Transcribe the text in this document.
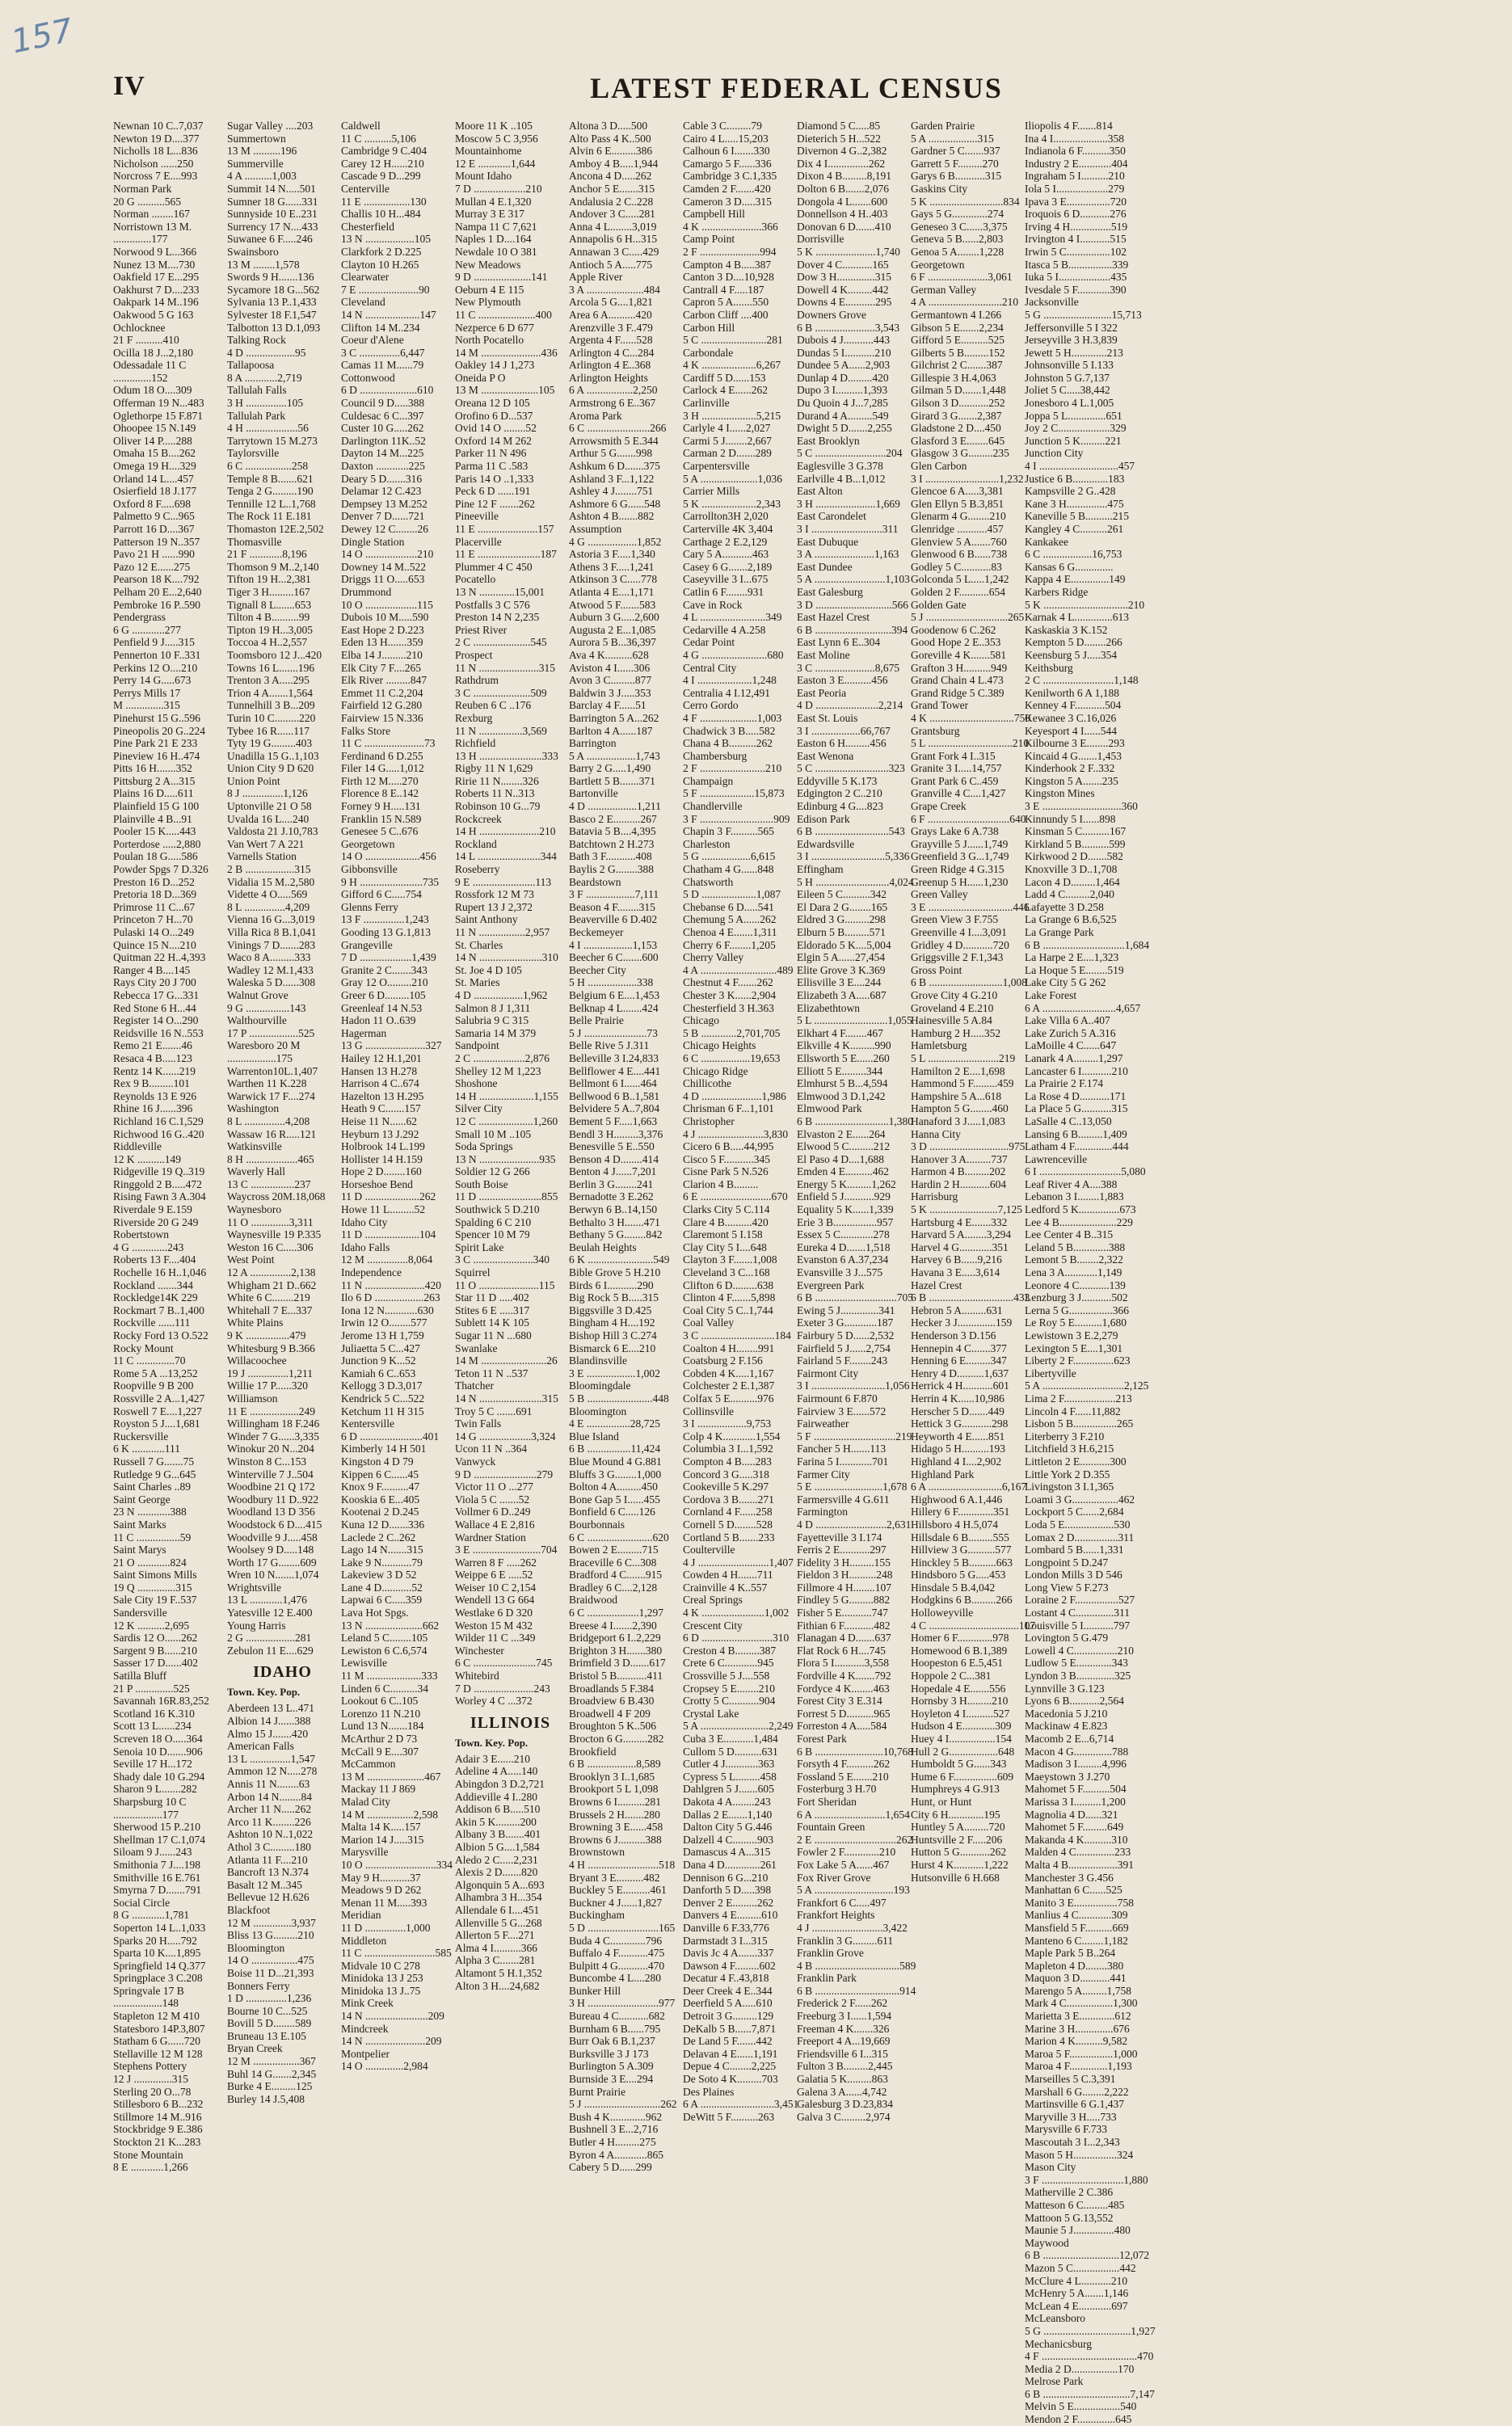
157
IV	LATEST FEDERAL CENSUS
Newnan 10 C..7,037
Newton 19 D....377
Nicholls 18 L...836
Nicholson ......250
Norcross 7 E....993
Norman Park
20 G ..........565
Norman ........167
Norristown 13 M.
..............177
Norwood 9 L...366
Nunez 13 M....730
Oakfield 17 E...295
Oakhurst 7 D....233
Oakpark 14 M..196
Oakwood 5 G 163
Ochlocknee
21 F ..........410
Ocilla 18 J...2,180
Odessadale 11 C
..............152
Odum 18 O....309
Offerman 19 N...483
Oglethorpe 15 F.871
Ohoopee 15 N.149
Oliver 14 P.....288
Omaha 15 B....262
Omega 19 H....329
Orland 14 L....457
Osierfield 18 J.177
Oxford 8 F.....698
Palmetto 9 C...965
Parrott 16 D....367
Patterson 19 N..357
Pavo 21 H ......990
Pazo 12 E......275
Pearson 18 K....792
Pelham 20 E...2,640
Pembroke 16 P..590
Pendergrass
6 G ............277
Penfield 9 J.....315
Pennerton 10 F..331
Perkins 12 O....210
Perry 14 G.....673
Perrys Mills 17
M ..............315
Pinehurst 15 G..596
Pineopolis 20 G..224
Pine Park 21 E 233
Pineview 16 H..474
Pitts 16 H.......352
Pittsburg 2 A...315
Plains 16 D.....611
Plainfield 15 G 100
Plainville 4 B...91
Pooler 15 K.....443
Porterdose .....2,880
Poulan 18 G.....586
Powder Spgs 7 D.326
Preston 16 D...252
Pretoria 18 D...369
Primrose 11 C...67
Princeton 7 H...70
Pulaski 14 O...249
Quince 15 N....210
Quitman 22 H..4,393
Ranger 4 B....145
Rays City 20 J 700
Rebecca 17 G...331
Red Stone 6 H...44
Register 14 O...290
Reidsville 16 N..553
Remo 21 E.......46
Resaca 4 B.....123
Rentz 14 K......219
Rex 9 B.........101
Reynolds 13 E 926
Rhine 16 J......396
Richland 16 C.1,529
Richwood 16 G..420
Riddleville
12 K ..........149
Ridgeville 19 Q..319
Ringgold 2 B.....472
Rising Fawn 3 A.304
Riverdale 9 E.159
Riverside 20 G 249
Robertstown
4 G .............243
Roberts 13 F....404
Rochelle 16 H..1,046
Rockland .......344
Rockledge14K 229
Rockmart 7 B..1,400
Rockville ......111
Rocky Ford 13 O.522
Rocky Mount
11 C ..............70
Rome 5 A ...13,252
Roopville 9 B 200
Rossville 2 A...1,427
Roswell 7 E....1,227
Royston 5 J....1,681
Ruckersville
6 K ............111
Russell 7 G.......75
Rutledge 9 G...645
Saint Charles ..89
Saint George
23 N ............388
Saint Marks
11 C ................59
Saint Marys
21 O ............824
Saint Simons Mills
19 Q ..............315
Sale City 19 F..537
Sandersville
12 K ..........2,695
Sardis 12 O......262
Sargent 9 B......210
Sasser 17 D......402
Satilla Bluff
21 P ..............525
Savannah 16R.83,252
Scotland 16 K.310
Scott 13 L......234
Screven 18 O.....364
Senoia 10 D.......906
Seville 17 H...172
Shady dale 10 G.294
Sharon 9 L.......282
Sharpsburg 10 C
..................177
Sherwood 15 P..210
Shellman 17 C.1,074
Siloam 9 J......243
Smithonia 7 J....198
Smithville 16 E.761
Smyrna 7 D.......791
Social Circle
8 G ............1,781
Soperton 14 L..1,033
Sparks 20 H.....792
Sparta 10 K....1,895
Springfield 14 Q.377
Springplace 3 C.208
Springvale 17 B
..................148
Stapleton 12 M 410
Statesboro 14P.3,807
Statham 6 G......720
Stellaville 12 M 128
Stephens Pottery
12 J ..............315
Sterling 20 O...78
Stillesboro 6 B...232
Stillmore 14 M..916
Stockbridge 9 E.386
Stockton 21 K...283
Stone Mountain
8 E ............1,266
Sugar Valley ....203
Summertown
13 M ..........196
Summerville
4 A ..........1,003
Summit 14 N.....501
Sumner 18 G......331
Sunnyside 10 E..231
Surrency 17 N....433
Suwanee 6 F.....246
Swainsboro
13 M ........1,578
Swords 9 H.......136
Sycamore 18 G...562
Sylvania 13 P..1,433
Sylvester 18 F.1,547
Talbotton 13 D.1,093
Talking Rock
4 D ..................95
Tallapoosa
8 A ............2,719
Tallulah Falls
3 H ...............105
Tallulah Park
4 H ...................56
Tarrytown 15 M.273
Taylorsville
6 C .................258
Temple 8 B.......621
Tenga 2 G.........190
Tennille 12 L..1,768
The Rock 11 E.181
Thomaston 12E.2,502
Thomasville
21 F ............8,196
Thomson 9 M..2,140
Tifton 19 H...2,381
Tiger 3 H.........167
Tignall 8 L.......653
Tilton 4 B..........99
Tipton 19 H...3,005
Toccoa 4 H..2,557
Toomsboro 12 J...420
Towns 16 L.......196
Trenton 3 A.....295
Trion 4 A.......1,564
Tunnelhill 3 B...209
Turin 10 C.........220
Tybee 16 R......117
Tyty 19 G.........403
Unadilla 15 G..1,103
Union City 9 D 620
Union Point
8 J ...............1,126
Uptonville 21 O 58
Uvalda 16 L....240
Valdosta 21 J.10,783
Van Wert 7 A 221
Varnells Station
2 B ..................315
Vidalia 15 M..2,580
Vidette 4 O.....569
8 L ...............4,209
Vienna 16 G...3,019
Villa Rica 8 B.1,041
Vinings 7 D.......283
Waco 8 A.........333
Wadley 12 M.1,433
Waleska 5 D......308
Walnut Grove
9 G ................143
Walthourville
17 P ..................525
Waresboro 20 M
..................175
Warrenton10L.1,407
Warthen 11 K.228
Warwick 17 F....274
Washington
8 L ...............4,208
Wassaw 16 R.....121
Watkinsville
8 H ...................465
Waverly Hall
13 C ................237
Waycross 20M.18,068
Waynesboro
11 O ..............3,311
Waynesville 19 P.335
Weston 16 C.....306
West Point
12 A ...............2,138
Whigham 21 D..662
White 6 C........219
Whitehall 7 E...337
White Plains
9 K ................479
Whitesburg 9 B.366
Willacoochee
19 J ...............1,211
Willie 17 P......320
Williamson
11 E ..................249
Willingham 18 F.246
Winder 7 G......3,335
Winokur 20 N...204
Winston 8 C...153
Winterville 7 J..504
Woodbine 21 Q 172
Woodbury 11 D..922
Woodland 13 D 356
Woodstock 6 D....415
Woodville 9 J.....458
Woolsey 9 D.....148
Worth 17 G........609
Wren 10 N.......1,074
Wrightsville
13 L ............1,476
Yatesville 12 E.400
Young Harris
2 G ..................281
Zebulon 11 E....629
IDAHO
Town. Key. Pop.
Aberdeen 13 L..471
Albion 14 J......388
Almo 15 J.......420
American Falls
13 L ...............1,547
Ammon 12 N.....278
Annis 11 N........63
Arbon 14 N........84
Archer 11 N.....262
Arco 11 K........226
Ashton 10 N..1,022
Athol 3 C.........180
Atlanta 11 F....210
Bancroft 13 N.374
Basalt 12 M..345
Bellevue 12 H.626
Blackfoot
12 M ..............3,937
Bliss 13 G.........210
Bloomington
14 O .................475
Boise 11 D...21,393
Bonners Ferry
1 D ...............1,236
Bourne 10 C...525
Bovill 5 D........589
Bruneau 13 E.105
Bryan Creek
12 M .................367
Buhl 14 G.......2,345
Burke 4 E.........125
Burley 14 J.5,408
Caldwell
11 C ..........5,106
Cambridge 9 C.404
Carey 12 H......210
Cascade 9 D...299
Centerville
11 E .................130
Challis 10 H...484
Chesterfield
13 N ..................105
Clarkfork 2 D.225
Clayton 10 H.265
Clearwater
7 E ......................90
Cleveland
14 N ....................147
Clifton 14 M..234
Coeur d'Alene
3 C ...............6,447
Camas 11 M......79
Cottonwood
6 D .....................610
Council 9 D.....388
Culdesac 6 C...397
Custer 10 G.....262
Darlington 11K..52
Dayton 14 M...225
Daxton ............225
Deary 5 D.......316
Delamar 12 C.423
Dempsey 13 M.252
Denver 7 D......721
Dewey 12 C........26
Dingle Station
14 O ...................210
Downey 14 M..522
Driggs 11 O.....653
Drummond
10 O ...................115
Dubois 10 M.....590
East Hope 2 D.223
Eden 13 H.......359
Elba 14 J.........210
Elk City 7 F....265
Elk River .........847
Emmet 11 C.2,204
Fairfield 12 G.280
Fairview 15 N.336
Falks Store
11 C ......................73
Ferdinand 6 D.255
Filer 14 G.....1,012
Firth 12 M.....270
Florence 8 E..142
Forney 9 H.....131
Franklin 15 N.589
Genesee 5 C..676
Georgetown
14 O ....................456
Gibbonsville
9 H .......................735
Gifford 6 C.....754
Glenns Ferry
13 F ...............1,243
Gooding 13 G.1,813
Grangeville
7 D ...................1,439
Granite 2 C.......343
Gray 12 O.........210
Greer 6 D.........105
Greenleaf 14 N.53
Hadon 11 O..639
Hagerman
13 G ......................327
Hailey 12 H.1,201
Hansen 13 H.278
Harrison 4 C..674
Hazelton 13 H.295
Heath 9 C.......157
Heise 11 N......62
Heyburn 13 J.292
Holbrook 14 L.199
Hollister 14 H.159
Hope 2 D........160
Horseshoe Bend
11 D ....................262
Howe 11 L.........52
Idaho City
11 D ....................104
Idaho Falls
12 M ...............8,064
Independence
11 N ......................420
Ilo 6 D ..................263
Iona 12 N............630
Irwin 12 O........577
Jerome 13 H 1,759
Juliaetta 5 C...427
Junction 9 K...52
Kamiah 6 C..653
Kellogg 3 D.3,017
Kendrick 5 C...522
Ketchum 11 H 315
Kentersville
6 D .......................401
Kimberly 14 H 501
Kingston 4 D 79
Kippen 6 C......45
Knox 9 F..........47
Kooskia 6 E...405
Kootenai 2 D.245
Kuna 12 D.......336
Laclede 2 C..262
Lago 14 N.......315
Lake 9 N...........79
Lakeview 3 D 52
Lane 4 D...........52
Lapwai 6 C.....359
Lava Hot Spgs.
13 N .....................662
Leland 5 C........105
Lewiston 6 C.6,574
Lewisville
11 M ....................333
Linden 6 C..........34
Lookout 6 C..105
Lorenzo 11 N.210
Lund 13 N.......184
McArthur 2 D 73
McCall 9 E....307
McCammon
13 M .....................467
Mackay 11 J 869
Malad City
14 M .................2,598
Malta 14 K.....157
Marion 14 J.....315
Marysville
10 O ..........................334
May 9 H...........37
Meadows 9 D 262
Menan 11 M.....393
Meridian
11 D ...............1,000
Middleton
11 C ..........................585
Midvale 10 C 278
Minidoka 13 J 253
Minidoka 13 J..75
Mink Creek
14 N .......................209
Mindcreek
14 N ......................209
Montpelier
14 O ..............2,984
Moore 11 K ..105
Moscow 5 C 3,956
Mountainhome
12 E ............1,644
Mount Idaho
7 D ...................210
Mullan 4 E.1,320
Murray 3 E 317
Nampa 11 C 7,621
Naples 1 D....164
Newdale 10 O 381
New Meadows
9 D .....................141
Oeburn 4 E 115
New Plymouth
11 C .....................400
Nezperce 6 D 677
North Pocatello
14 M ......................436
Oakley 14 J 1,273
Oneida P O
13 M .....................105
Oreana 12 D 105
Orofino 6 D...537
Ovid 14 O ........52
Oxford 14 M 262
Parker 11 N 496
Parma 11 C .583
Paris 14 O ..1,333
Peck 6 D ......191
Pine 12 F .......262
Pineeville
11 E ......................157
Placerville
11 E .......................187
Plummer 4 C 450
Pocatello
13 N .............15,001
Postfalls 3 C 576
Preston 14 N 2,235
Priest River
2 C .....................545
Prospect
11 N ......................315
Rathdrum
3 C .....................509
Reuben 6 C ..176
Rexburg
11 N ................3,569
Richfield
13 H .......................333
Rigby 11 N 1,629
Ririe 11 N........326
Roberts 11 N..313
Robinson 10 G...79
Rockcreek
14 H ......................210
Rockland
14 L .......................344
Roseberry
9 E .......................113
Rossfork 12 M 73
Rupert 13 J 2,372
Saint Anthony
11 N .................2,957
St. Charles
14 N .......................310
St. Joe 4 D 105
St. Maries
4 D ..................1,962
Salmon 8 J 1,311
Salubria 9 C 315
Samaria 14 M 379
Sandpoint
2 C ...................2,876
Shelley 12 M 1,223
Shoshone
14 H ....................1,155
Silver City
12 C ....................1,260
Small 10 M ..105
Soda Springs
13 N ......................935
Soldier 12 G 266
South Boise
11 D .......................855
Southwick 5 D.210
Spalding 6 C 210
Spencer 10 M 79
Spirit Lake
3 C ......................340
Squirrel
11 O ......................115
Star 11 D .....402
Stites 6 E .....317
Sublett 14 K 105
Sugar 11 N ...680
Swanlake
14 M ........................26
Teton 11 N ..537
Thatcher
14 N .......................315
Troy 5 C .......691
Twin Falls
14 G ...................3,324
Ucon 11 N ..364
Vanwyck
9 D .......................279
Victor 11 O ...277
Viola 5 C .......52
Vollmer 6 D..249
Wallace 4 E 2,816
Wardner Station
3 E .........................704
Warren 8 F .....262
Weippe 6 E .....52
Weiser 10 C 2,154
Wendell 13 G 664
Westlake 6 D 320
Weston 15 M 432
Wilder 11 C ...349
Winchester
6 C .......................745
Whitebird
7 D ......................243
Worley 4 C ...372
ILLINOIS
Town. Key. Pop.
Adair 3 E......210
Adeline 4 A.....140
Abingdon 3 D.2,721
Addieville 4 I..280
Addison 6 B.....510
Akin 5 K.........200
Albany 3 B.......401
Albion 5 G....1,584
Aledo 2 C.....2,231
Alexis 2 D.......820
Algonquin 5 A...693
Alhambra 3 H...354
Allendale 6 I....451
Allenville 5 G...268
Allerton 5 F....271
Alma 4 I..........366
Alpha 3 C.......281
Altamont 5 H.1,352
Alton 3 H....24,682
Altona 3 D.....500
Alto Pass 4 K..500
Alvin 6 E.........386
Amboy 4 B.....1,944
Ancona 4 D.....262
Anchor 5 E.......315
Andalusia 2 C..228
Andover 3 C.....281
Anna 4 L........3,019
Annapolis 6 H...315
Annawan 3 C.....429
Antioch 5 A.....775
Apple River
3 A .....................484
Arcola 5 G....1,821
Area 6 A..........420
Arenzville 3 F..479
Argenta 4 F......528
Arlington 4 C...284
Arlington 4 E..368
Arlington Heights
6 A .................2,250
Armstrong 6 E..367
Aroma Park
6 C .......................266
Arrowsmith 5 E.344
Arthur 5 G.......998
Ashkum 6 D.......375
Ashland 3 F...1,122
Ashley 4 J........751
Ashmore 6 G......548
Ashton 4 B.......882
Assumption
4 G ..................1,852
Astoria 3 F.....1,340
Athens 3 F.....1,241
Atkinson 3 C.....778
Atlanta 4 E....1,171
Atwood 5 F.......583
Auburn 3 G.....2,600
Augusta 2 E...1,085
Aurora 5 B...36,397
Ava 4 K..........628
Aviston 4 I......306
Avon 3 C.........877
Baldwin 3 J.....353
Barclay 4 F......51
Barrington 5 A...262
Barlton 4 A......187
Barrington
5 A ..................1,743
Barry 2 G.....1,490
Bartlett 5 B.......371
Bartonville
4 D ..................1,211
Basco 2 E..........267
Batavia 5 B....4,395
Batchtown 2 H.273
Bath 3 F...........408
Baylis 2 G........388
Beardstown
3 F ..................7,111
Beason 4 F........315
Beaverville 6 D.402
Beckemeyer
4 I ..................1,153
Beecher 6 C.......600
Beecher City
5 H ..................338
Belgium 6 E....1,453
Belknap 4 L.......424
Belle Prairie
5 J .......................73
Belle Rive 5 J.311
Belleville 3 I.24,833
Bellflower 4 E....441
Bellmont 6 I......464
Bellwood 6 B..1,581
Belvidere 5 A..7,804
Bement 5 F.....1,663
Bendl 3 H.........3,376
Benesville 5 E..550
Benson 4 D........414
Benton 4 J......7,201
Berlin 3 G........241
Bernadotte 3 E.262
Berwyn 6 B..14,150
Bethalto 3 H.......471
Bethany 5 G........842
Beulah Heights
6 K ........................549
Bible Grove 5 H.210
Birds 6 I...........290
Big Rock 5 B.....315
Biggsville 3 D.425
Bingham 4 H....192
Bishop Hill 3 C.274
Bismarck 6 E....210
Blandinsville
3 E ..................1,002
Bloomingdale
5 B ........................448
Bloomington
4 E ................28,725
Blue Island
6 B ................11,424
Blue Mound 4 G.881
Bluffs 3 G........1,000
Bolton 4 A.........450
Bone Gap 5 I......455
Bonfield 6 C.....126
Bourbonnais
6 C ........................620
Bowen 2 E.........715
Braceville 6 C...308
Bradford 4 C.......915
Bradley 6 C....2,128
Braidwood
6 C ...................1,297
Breese 4 I.......2,390
Bridgeport 6 I..2,229
Brighton 3 H.......380
Brimfield 3 D.......617
Bristol 5 B...........411
Broadlands 5 F.384
Broadview 6 B.430
Broadwell 4 F 209
Broughton 5 K..506
Brocton 6 G.........282
Brookfield
6 B ..................8,589
Brooklyn 3 I..1,685
Brookport 5 L 1,098
Browns 6 I..........281
Brussels 2 H.......280
Browning 3 E......458
Browns 6 J..........388
Brownstown
4 H ..........................518
Bryant 3 E..........482
Buckley 5 E..........461
Buckner 4 J......1,827
Buckingham
5 D ..........................165
Buda 4 C.............796
Buffalo 4 F...........475
Bulpitt 4 G...........470
Buncombe 4 L....280
Bunker Hill
3 H ..........................977
Bureau 4 C...........682
Burnham 6 B......795
Burr Oak 6 B.1,237
Burksville 3 J 173
Burlington 5 A.309
Burnside 3 E....294
Burnt Prairie
5 J ............................262
Bush 4 K.............962
Bushnell 3 E...2,716
Butler 4 H.........275
Byron 4 A............865
Cabery 5 D......299
Cable 3 C.........79
Cairo 4 L.....15,203
Calhoun 6 I.......330
Camargo 5 F......336
Cambridge 3 C.1,335
Camden 2 F.......420
Cameron 3 D.....315
Campbell Hill
4 K ......................366
Camp Point
2 F ......................994
Campton 4 B.....387
Canton 3 D....10,928
Cantrall 4 F.....187
Capron 5 A.......550
Carbon Cliff ....400
Carbon Hill
5 C ........................281
Carbondale
4 K ....................6,267
Cardiff 5 D......153
Carlock 4 E......262
Carlinville
3 H ....................5,215
Carlyle 4 I......2,027
Carmi 5 J........2,667
Carman 2 D.......289
Carpentersville
5 A .....................1,036
Carrier Mills
5 K ....................2,343
Carrollton3H 2,020
Carterville 4K 3,404
Carthage 2 E.2,129
Cary 5 A...........463
Casey 6 G.......2,189
Caseyville 3 I...675
Catlin 6 F........931
Cave in Rock
4 L ........................349
Cedarville 4 A.258
Cedar Point
4 G ........................680
Central City
4 I ....................1,248
Centralia 4 I.12,491
Cerro Gordo
4 F .....................1,003
Chadwick 3 B.....582
Chana 4 B..........262
Chambersburg
2 F ........................210
Champaign
5 F ....................15,873
Chandlerville
3 F ...........................909
Chapin 3 F..........565
Charleston
5 G ..................6,615
Chatham 4 G......848
Chatsworth
5 D ....................1,087
Chebanse 6 D.....541
Chemung 5 A......262
Chenoa 4 E.......1,311
Cherry 6 F........1,205
Cherry Valley
4 A ............................489
Chestnut 4 F.......262
Chester 3 K......2,904
Chesterfield 3 H.363
Chicago
5 B .............2,701,705
Chicago Heights
6 C ..................19,653
Chicago Ridge
Chillicothe
4 D ......................1,986
Chrisman 6 F...1,101
Christopher
4 J ........................3,830
Cicero 6 B.....44,995
Cisco 5 F...........345
Cisne Park 5 N.526
Clarion 4 B.........
6 E ..........................670
Clarks City 5 C.114
Clare 4 B..........420
Claremont 5 I.158
Clay City 5 I....648
Clayton 3 F.......1,008
Cleveland 3 C...168
Clifton 6 D.........638
Clinton 4 F.......5,898
Coal City 5 C..1,744
Coal Valley
3 C ...........................184
Coalton 4 H........991
Coatsburg 2 F.156
Cobden 4 K.....1,167
Colchester 2 E.1,387
Colfax 5 E..........976
Collinsville
3 I ..................9,753
Colp 4 K............1,554
Columbia 3 I...1,592
Compton 4 B.....283
Concord 3 G.....318
Cookeville 5 K.297
Cordova 3 B.......271
Cornland 4 F......258
Cornell 5 D........528
Cortland 5 B.......233
Coulterville
4 J ..........................1,407
Cowden 4 H.......711
Crainville 4 K..557
Creal Springs
4 K .......................1,002
Crescent City
6 D ..........................310
Creston 4 B.........387
Crete 6 C............945
Crossville 5 J....558
Cropsey 5 E........210
Crotty 5 C...........904
Crystal Lake
5 A .........................2,249
Cuba 3 E...........1,484
Cullom 5 D..........631
Cutler 4 J............363
Cypress 5 L.........458
Dahlgren 5 J.......605
Dakota 4 A........243
Dallas 2 E.......1,140
Dalton City 5 G.446
Dalzell 4 C.........903
Damascus 4 A...315
Dana 4 D.............261
Dennison 6 G...210
Danforth 5 D.....398
Denver 2 E.........262
Danvers 4 E.........610
Danville 6 F.33,776
Darmstadt 3 I...315
Davis Jc 4 A.......337
Dawson 4 F.........602
Decatur 4 F..43,818
Deer Creek 4 E..344
Deerfield 5 A.....610
Detroit 3 G.........129
DeKalb 5 B......7,871
De Land 5 F.......442
Delavan 4 E......1,191
Depue 4 C........2,225
De Soto 4 K.........703
Des Plaines
6 A ...........................3,451
DeWitt 5 F..........263
Diamond 5 C.....85
Dieterich 5 H...522
Divernon 4 G..2,382
Dix 4 I...............262
Dixon 4 B.........8,191
Dolton 6 B.......2,076
Dongola 4 L.......600
Donnellson 4 H..403
Donovan 6 D.......410
Dorrisville
5 K ......................1,740
Dover 4 C...........165
Dow 3 H..............315
Dowell 4 K.........442
Downs 4 E...........295
Downers Grove
6 B ......................3,543
Dubois 4 J...........443
Dundas 5 I...........210
Dundee 5 A......2,903
Dunlap 4 D.........420
Dupo 3 I..........1,393
Du Quoin 4 J...7,285
Durand 4 A.........549
Dwight 5 D.......2,255
East Brooklyn
5 C ..........................204
Eaglesville 3 G.378
Earlville 4 B...1,012
East Alton
3 H ......................1,669
East Carondelet
3 I ..........................311
East Dubuque
3 A ......................1,163
East Dundee
5 A ..........................1,103
East Galesburg
3 D ............................566
East Hazel Crest
6 B ............................394
East Lynn 6 E..304
East Moline
3 C ......................8,675
Easton 3 E..........456
East Peoria
4 D .......................2,214
East St. Louis
3 I ..................66,767
Easton 6 H.........456
East Wenona
5 C ...........................323
Eddyville 5 K.173
Edgington 2 C..210
Edinburg 4 G....823
Edison Park
6 B ...........................543
Edwardsville
3 I ...........................5,336
Effingham
5 H ...........................4,024
Eileen 5 C..........342
El Dara 2 G........165
Eldred 3 G.........298
Elburn 5 B.........571
Eldorado 5 K....5,004
Elgin 5 A......27,454
Elite Grove 3 K.369
Ellisville 3 E....244
Elizabeth 3 A.....687
Elizabethtown
5 L ...........................1,055
Elkhart 4 F........467
Elkville 4 K.........990
Ellsworth 5 E......260
Elliott 5 E.........344
Elmhurst 5 B...4,594
Elmwood 3 D.1,242
Elmwood Park
6 B ...........................1,380
Elvaston 2 E......264
Elwood 5 C.........212
El Paso 4 D....1,688
Emden 4 E..........462
Energy 5 K.........1,262
Enfield 5 J...........929
Equality 5 K......1,339
Erie 3 B................957
Essex 5 C............278
Eureka 4 D.......1,518
Evanston 6 A.37,234
Evansville 3 J...575
Evergreen Park
6 B ..............................705
Ewing 5 J..............341
Exeter 3 G............187
Fairbury 5 D......2,532
Fairfield 5 J......2,754
Fairland 5 F........243
Fairmont City
3 I ...........................1,056
Fairmount 6 F.870
Fairview 3 E......572
Fairweather
5 F ..............................219
Fancher 5 H.......113
Farina 5 I............701
Farmer City
5 E .........................1,678
Farmersville 4 G.611
Farmington
4 D ..........................2,631
Fayetteville 3 I.174
Ferris 2 E...........297
Fidelity 3 H.........155
Fieldon 3 H..........248
Fillmore 4 H........107
Findley 5 G.........882
Fisher 5 E...........747
Fithian 6 F...........482
Flanagan 4 D.......637
Flat Rock 6 H....745
Flora 5 I...........3,558
Fordville 4 K.......792
Fordyce 4 K........463
Forest City 3 E.314
Forrest 5 D..........965
Forreston 4 A.....584
Forest Park
6 B .........................10,768
Forsyth 4 F..........262
Fossland 5 E.......210
Fosterburg 3 H.70
Fort Sheridan
6 A ..........................1,654
Fountain Green
2 E ..............................262
Fowler 2 F.............210
Fox Lake 5 A......467
Fox River Grove
5 A .............................193
Frankfort 6 C.....497
Frankfort Heights
4 J ..........................3,422
Franklin 3 G.........611
Franklin Grove
4 B ...............................589
Franklin Park
6 B ...............................914
Frederick 2 F......262
Freeburg 3 I......1,594
Freeman 4 K.......326
Freeport 4 A...19,669
Friendsville 6 I...315
Fulton 3 B.........2,445
Galatia 5 K.........863
Galena 3 A......4,742
Galesburg 3 D.23,834
Galva 3 C.........2,974
Garden Prairie
5 A ..................315
Gardner 5 C.......937
Garrett 5 F.........270
Garys 6 B...........315
Gaskins City
5 K ...........................834
Gays 5 G.............274
Geneseo 3 C......3,375
Geneva 5 B......2,803
Genoa 5 A........1,228
Georgetown
6 F ......................3,061
German Valley
4 A ...........................210
Germantown 4 I.266
Gibson 5 E.......2,234
Gifford 5 E..........525
Gilberts 5 B.........152
Gilchrist 2 C.......387
Gillespie 3 H.4,063
Gilman 5 D.......1,448
Gilson 3 D...........252
Girard 3 G.......2,387
Gladstone 2 D....450
Glasford 3 E........645
Glasgow 3 G.........235
Glen Carbon
3 I ...........................1,232
Glencoe 6 A.....3,381
Glen Ellyn 5 B.3,851
Glenarm 4 G........210
Glenridge ...........457
Glenview 5 A.......760
Glenwood 6 B......738
Godley 5 C...........83
Golconda 5 L.....1,242
Golden 2 F...........654
Golden Gate
5 J ..............................265
Goodenow 6 C.262
Good Hope 2 E..353
Goreville 4 K.......581
Grafton 3 H..........949
Grand Chain 4 L.473
Grand Ridge 5 C.389
Grand Tower
4 K ...............................750
Grantsburg
5 L ...............................210
Grant Fork 4 I..315
Granite 3 I.....14,757
Grant Park 6 C..459
Granville 4 C....1,427
Grape Creek
6 F ..............................640
Grays Lake 6 A.738
Grayville 5 J......1,749
Greenfield 3 G...1,749
Green Ridge 4 G.315
Greenup 5 H......1,230
Green Valley
3 E ...............................446
Green View 3 F.755
Greenville 4 I....3,091
Gridley 4 D...........720
Griggsville 2 F.1,343
Gross Point
6 B ...........................1,008
Grove City 4 G.210
Groveland 4 E.210
Hainesville 5 A.84
Hamburg 2 H.....352
Hamletsburg
5 L ..........................219
Hamilton 2 E....1,698
Hammond 5 F.........459
Hampshire 5 A...618
Hampton 5 G........460
Hanaford 3 J.....1,083
Hanna City
3 D .............................975
Hanover 3 A.........737
Harmon 4 B.........202
Hardin 2 H...........604
Harrisburg
5 K .........................7,125
Hartsburg 4 E.......332
Harvard 5 A........3,294
Harvel 4 G............351
Harvey 6 B......9,216
Havana 3 E.....3,614
Hazel Crest
6 B ...............................433
Hebron 5 A.........631
Hecker 3 J..............159
Henderson 3 D.156
Hennepin 4 C.......377
Henning 6 E.........347
Henry 4 D..........1,637
Herrick 4 H...........601
Herrin 4 K......10,986
Herscher 5 D.......449
Hettick 3 G...........298
Heyworth 4 E......851
Hidago 5 H..........193
Highland 4 I....2,902
Highland Park
6 A ...........................6,167
Highwood 6 A.1,446
Hillery 6 F.............351
Hillsboro 4 H.5,074
Hillsdale 6 B.........555
Hillview 3 G..........577
Hinckley 5 B..........663
Hindsboro 5 G.....453
Hinsdale 5 B.4,042
Hodgkins 6 B.........266
Holloweyville
4 C .................................107
Homer 6 F.............978
Homewood 6 B.1,389
Hoopeston 6 E.5,451
Hoppole 2 C...381
Hopedale 4 E.......556
Hornsby 3 H.........210
Hoyleton 4 I..........527
Hudson 4 E............309
Huey 4 I.................154
Hull 2 G..................648
Humboldt 5 G......343
Hume 6 F................609
Humphreys 4 G.913
Hunt, or Hunt
City 6 H.............195
Huntley 5 A.........720
Huntsville 2 F.....206
Hutton 5 G...........262
Hurst 4 K...........1,222
Hutsonville 6 H.668
Iliopolis 4 F.......814
Ina 4 I....................358
Indianola 6 F..........350
Industry 2 E............404
Ingraham 5 I..........210
Iola 5 I...................279
Ipava 3 E................720
Iroquois 6 D...........276
Irving 4 H...............519
Irvington 4 I...........515
Irwin 5 C................102
Itasca 5 B................339
Iuka 5 I...................435
Ivesdale 5 F............390
Jacksonville
5 G .........................15,713
Jeffersonville 5 I 322
Jerseyville 3 H.3,839
Jewett 5 H.............213
Johnsonville 5 I.133
Johnston 5 G.7,137
Joliet 5 C.....38,442
Jonesboro 4 L.1,005
Joppa 5 L..............651
Joy 2 C...................329
Junction 5 K.........221
Junction City
4 I .............................457
Justice 6 B.............183
Kampsville 2 G..428
Kane 3 H...............475
Kaneville 5 B..........215
Kangley 4 C..........261
Kankakee
6 C ..................16,753
Kansas 6 G..............
Kappa 4 E..............149
Karbers Ridge
5 K ...............................210
Karnak 4 L..............613
Kaskaskia 3 K.152
Kempton 5 D........266
Keensburg 5 J.....354
Keithsburg
2 C ..........................1,148
Kenilworth 6 A 1,188
Kenney 4 F...........504
Kewanee 3 C.16,026
Keyesport 4 I......544
Kilbourne 3 E........293
Kincaid 4 G.......1,453
Kinderhook 2 F..332
Kingston 5 A.......235
Kingston Mines
3 E .............................360
Kinnundy 5 I......898
Kinsman 5 C..........167
Kirkland 5 B..........599
Kirkwood 2 D.......582
Knoxville 3 D..1,708
Lacon 4 D.........1,464
Ladd 4 C.........2,040
Lafayette 3 D.258
La Grange 6 B.6,525
La Grange Park
6 B ..............................1,684
La Harpe 2 E....1,323
La Hoque 5 E........519
Lake City 5 G 262
Lake Forest
6 A ...........................4,657
Lake Villa 6 A..407
Lake Zurich 5 A.316
LaMoille 4 C......647
Lanark 4 A.........1,297
Lancaster 6 I...........210
La Prairie 2 F.174
La Rose 4 D...........171
La Place 5 G...........315
LaSalle 4 C..13,050
Lansing 6 B.........1,409
Latham 4 F..............444
Lawrenceville
6 I ..............................5,080
Leaf River 4 A....388
Lebanon 3 I........1,883
Ledford 5 K...............673
Lee 4 B.....................229
Lee Center 4 B..315
Leland 5 B.............388
Lemont 5 B........2,322
Lena 3 A............1,149
Leonore 4 C...........139
Lenzburg 3 J...........502
Lerna 5 G................366
Le Roy 5 E..........1,680
Lewistown 3 E.2,279
Lexington 5 E....1,301
Liberty 2 F...............623
Libertyville
5 A ..............................2,125
Lima 2 F...................213
Lincoln 4 F......11,882
Lisbon 5 B................265
Literberry 3 F.210
Litchfield 3 H.6,215
Littleton 2 E...........300
Little York 2 D.355
Livingston 3 I.1,365
Loami 3 G.................462
Lockport 5 C......2,684
Loda 5 E..................530
Lomax 2 D................311
Lombard 5 B......1,331
Longpoint 5 D.247
London Mills 3 D 546
Long View 5 F.273
Loraine 2 F................527
Lostant 4 C..............311
Louisville 5 I...........797
Lovington 5 G.479
Lowell 4 C................210
Ludlow 5 E.............343
Lyndon 3 B..............325
Lynnville 3 G.123
Lyons 6 B...........2,564
Macedonia 5 J.210
Mackinaw 4 E.823
Macomb 2 E...6,714
Macon 4 G..............788
Madison 3 I.........4,996
Maeystown 3 J.270
Mahomet 5 F..........504
Marissa 3 I..........1,200
Magnolia 4 D......321
Mahomet 5 F.........649
Makanda 4 K..........310
Malden 4 C..............233
Malta 4 B..................391
Manchester 3 G.456
Manhattan 6 C......525
Manito 3 E................758
Manlius 4 C............309
Mansfield 5 F..........669
Manteno 6 C........1,182
Maple Park 5 B..264
Mapleton 4 D........380
Maquon 3 D...........441
Marengo 5 A.........1,758
Mark 4 C.................1,300
Marietta 3 E.............612
Marine 3 H..............676
Marion 4 K..........9,582
Maroa 5 F................1,000
Maroa 4 F..............1,193
Marseilles 5 C.3,391
Marshall 6 G........2,222
Martinsville 6 G.1,437
Maryville 3 H.....733
Marysville 6 F.733
Mascoutah 3 I...2,343
Mason 5 H................324
Mason City
3 F ..............................1,880
Matherville 2 C.386
Matteson 6 C.........485
Mattoon 5 G.13,552
Maunie 5 J...............480
Maywood
6 B ............................12,072
Mazon 5 C.................442
McClure 4 L...........210
McHenry 5 A.......1,146
McLean 4 E............697
McLeansboro
5 G ................................1,927
Mechanicsburg
4 F ...................................470
Media 2 D.................170
Melrose Park
6 B ................................7,147
Melvin 5 E.................540
Mendon 2 F..............645
